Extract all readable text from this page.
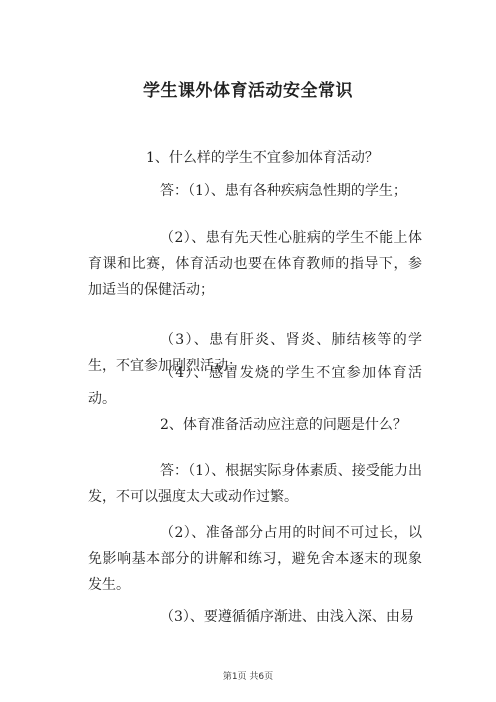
学生课外体育活动安全常识
1、什么样的学生不宜参加体育活动？
答：（1）、患有各种疾病急性期的学生；
（2）、患有先天性心脏病的学生不能上体育课和比赛，体育活动也要在体育教师的指导下，参加适当的保健活动；
（3）、患有肝炎、肾炎、肺结核等的学生，不宜参加剧烈活动；
（4）、感冒发烧的学生不宜参加体育活动。
2、体育准备活动应注意的问题是什么？
答：（1）、根据实际身体素质、接受能力出发，不可以强度太大或动作过繁。
（2）、准备部分占用的时间不可过长，以免影响基本部分的讲解和练习，避免舍本逐末的现象发生。
（3）、要遵循循序渐进、由浅入深、由易
第1页 共6页
